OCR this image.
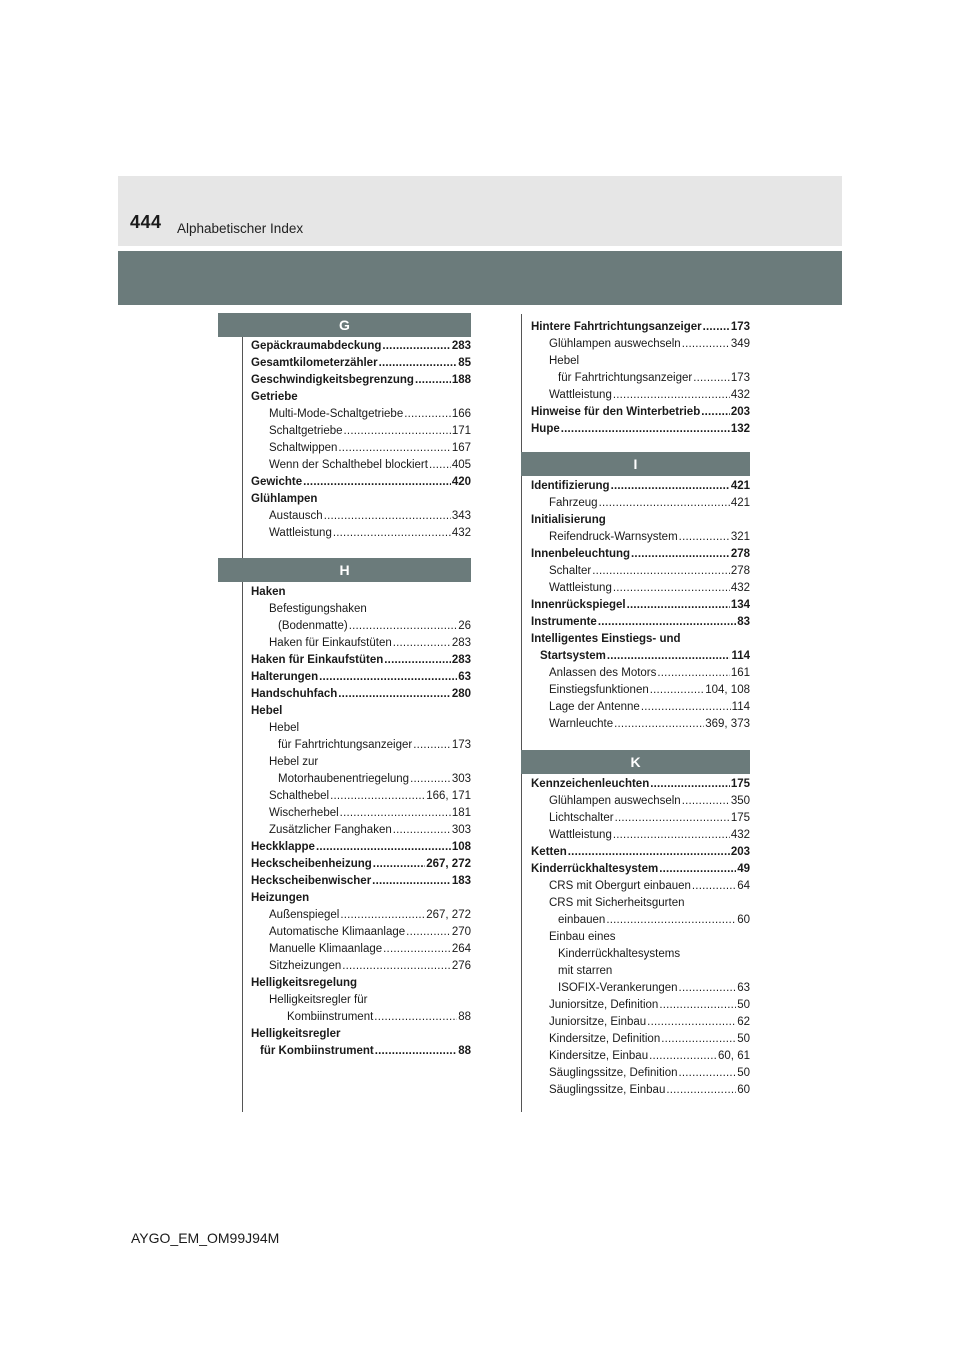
444 Alphabetischer Index
G
H
I
K
Gepäckraumabdeckung .....	283
Gesamtkilometerzähler .....	85
Geschwindigkeitsbegrenzung .....	188
Getriebe
Multi-Mode-Schaltgetriebe .....	166
Schaltgetriebe .....	171
Schaltwippen .....	167
Wenn der Schalthebel blockiert ..... 405
Gewichte .....	420
Glühlampen
Austausch .....	343
Wattleistung .....	432
Haken
Befestigungshaken
(Bodenmatte) .....	26
Haken für Einkaufstüten .....	283
Haken für Einkaufstüten .....	283
Halterungen .....	63
Handschuhfach .....	280
Hebel
Hebel
für Fahrtrichtungsanzeiger .....	173
Hebel zur
Motorhaubenentriegelung .....	303
Schalthebel .....	166, 171
Wischerhebel .....	181
Zusätzlicher Fanghaken .....	303
Heckklappe .....	108
Heckscheibenheizung .....	267, 272
Heckscheibenwischer .....	183
Heizungen
Außenspiegel .....	267, 272
Automatische Klimaanlage .....	270
Manuelle Klimaanlage .....	264
Sitzheizungen .....	276
Helligkeitsregelung
Helligkeitsregler für
Kombiinstrument .....	88
Helligkeitsregler
für Kombiinstrument .....	88
Hintere Fahrtrichtungsanzeiger .....	173
Glühlampen auswechseln .....	349
Hebel
für Fahrtrichtungsanzeiger .....	173
Wattleistung .....	432
Hinweise für den Winterbetrieb .....	203
Hupe .....	132
Identifizierung .....	421
Fahrzeug .....	421
Initialisierung
Reifendruck-Warnsystem .....	321
Innenbeleuchtung .....	278
Schalter .....	278
Wattleistung .....	432
Innenrückspiegel .....	134
Instrumente .....	83
Intelligentes Einstiegs- und
Startsystem .....	114
Anlassen des Motors .....	161
Einstiegsfunktionen .....	104, 108
Lage der Antenne .....	114
Warnleuchte .....	369, 373
Kennzeichenleuchten .....	175
Glühlampen auswechseln .....	350
Lichtschalter .....	175
Wattleistung .....	432
Ketten .....	203
Kinderrückhaltesystem .....	49
CRS mit Obergurt einbauen .....	64
CRS mit Sicherheitsgurten
einbauen .....	60
Einbau eines
Kinderrückhaltesystems
mit starren
ISOFIX-Verankerungen .....	63
Juniorsitze, Definition .....	50
Juniorsitze, Einbau .....	62
Kindersitze, Definition .....	50
Kindersitze, Einbau .....	60, 61
Säuglingssitze, Definition .....	50
Säuglingssitze, Einbau .....	60
AYGO_EM_OM99J94M
